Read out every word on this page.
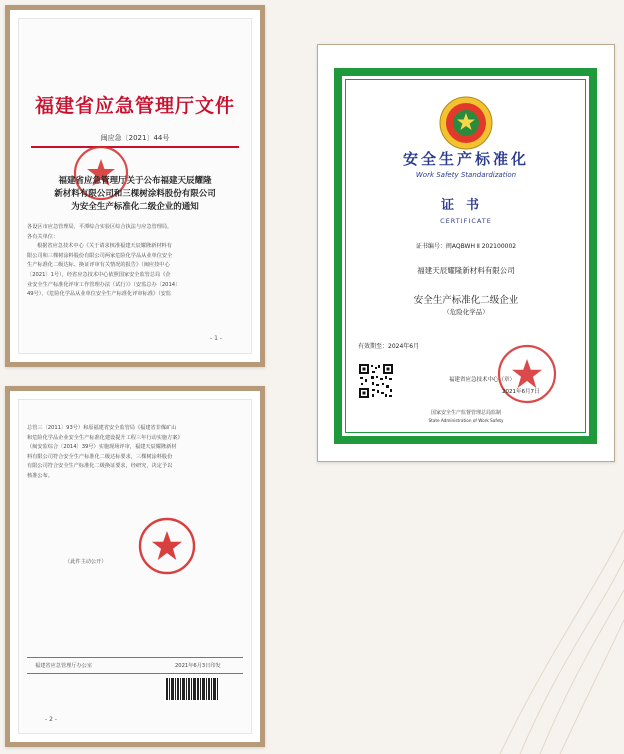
福建省应急管理厅文件
闽应急〔2021〕44号
福建省应急管理厅关于公布福建天辰耀隆
新材料有限公司和三棵树涂料股份有限公司
为安全生产标准化二级企业的通知
各设区市应急管理局，平潭综合实验区综合执法与应急管理局，
各有关单位：
根据省应急技术中心《关于请求核准福建天辰耀隆新材料有
限公司和三棵树涂料股份有限公司两家危险化学品从业单位安全
生产标准化二级达标、换证评审有关情况的报告》（闽应技中心
〔2021〕1号），经省应急技术中心依照国家安全监管总局《企
业安全生产标准化评审工作管理办法（试行）》（安监总办〔2014〕
49号）、《危险化学品从业单位安全生产标准化评审标准》（安监
- 1 -
总管三〔2011〕93号）和原福建省安全监管局《福建省非煤矿山
和危险化学品企业安全生产标准化建设提升工程三年行动实施方案》
（闽安监综合〔2014〕39号）实施现场评审，福建天辰耀隆新材
料有限公司符合安全生产标准化二级达标要求，三棵树涂料股份
有限公司符合安全生产标准化二级换证要求，经研究，决定予以
核准公布。
（此件主动公开）
福建省应急管理厅办公室	2021年6月3日印发
- 2 -
安全生产标准化
Work Safety Standardization
证书
CERTIFICATE
证书编号：闽AQBWH Ⅱ 202100002
福建天辰耀隆新材料有限公司
安全生产标准化二级企业
（危险化学品）
有效期至：2024年6月
福建省应急技术中心（章）
2021年6月7日
国家安全生产监督管理总局监制
State Administration of Work Safety
